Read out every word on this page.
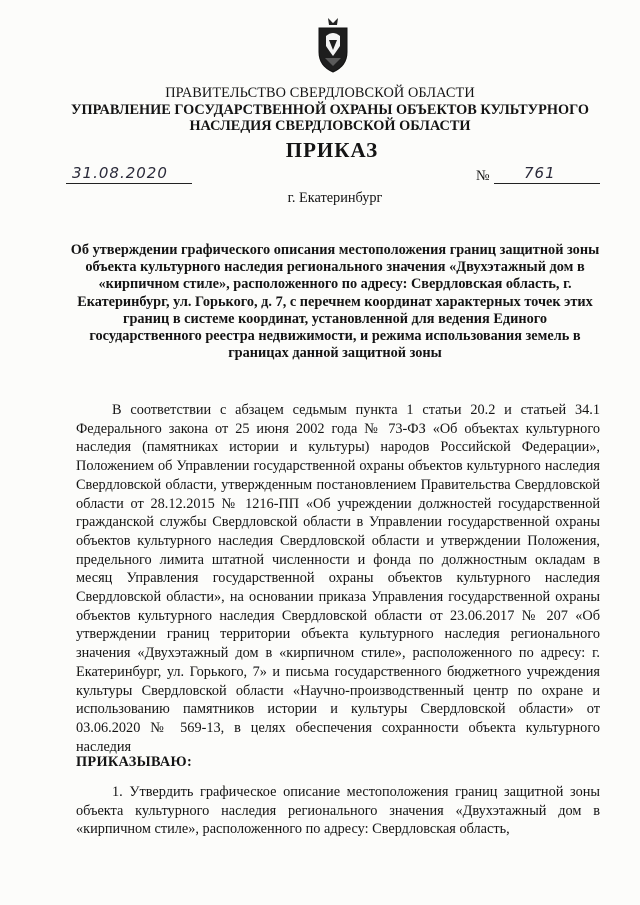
ПРАВИТЕЛЬСТВО СВЕРДЛОВСКОЙ ОБЛАСТИ
УПРАВЛЕНИЕ ГОСУДАРСТВЕННОЙ ОХРАНЫ ОБЪЕКТОВ КУЛЬТУРНОГО НАСЛЕДИЯ СВЕРДЛОВСКОЙ ОБЛАСТИ
ПРИКАЗ
31.08.2020	№ 761
г. Екатеринбург
Об утверждении графического описания местоположения границ защитной зоны объекта культурного наследия регионального значения «Двухэтажный дом в «кирпичном стиле», расположенного по адресу: Свердловская область, г. Екатеринбург, ул. Горького, д. 7, с перечнем координат характерных точек этих границ в системе координат, установленной для ведения Единого государственного реестра недвижимости, и режима использования земель в границах данной защитной зоны
В соответствии с абзацем седьмым пункта 1 статьи 20.2 и статьей 34.1 Федерального закона от 25 июня 2002 года № 73-ФЗ «Об объектах культурного наследия (памятниках истории и культуры) народов Российской Федерации», Положением об Управлении государственной охраны объектов культурного наследия Свердловской области, утвержденным постановлением Правительства Свердловской области от 28.12.2015 № 1216-ПП «Об учреждении должностей государственной гражданской службы Свердловской области в Управлении государственной охраны объектов культурного наследия Свердловской области и утверждении Положения, предельного лимита штатной численности и фонда по должностным окладам в месяц Управления государственной охраны объектов культурного наследия Свердловской области», на основании приказа Управления государственной охраны объектов культурного наследия Свердловской области от 23.06.2017 № 207 «Об утверждении границ территории объекта культурного наследия регионального значения «Двухэтажный дом в «кирпичном стиле», расположенного по адресу: г. Екатеринбург, ул. Горького, 7» и письма государственного бюджетного учреждения культуры Свердловской области «Научно-производственный центр по охране и использованию памятников истории и культуры Свердловской области» от 03.06.2020 № 569-13, в целях обеспечения сохранности объекта культурного наследия
ПРИКАЗЫВАЮ:
1. Утвердить графическое описание местоположения границ защитной зоны объекта культурного наследия регионального значения «Двухэтажный дом в «кирпичном стиле», расположенного по адресу: Свердловская область,
